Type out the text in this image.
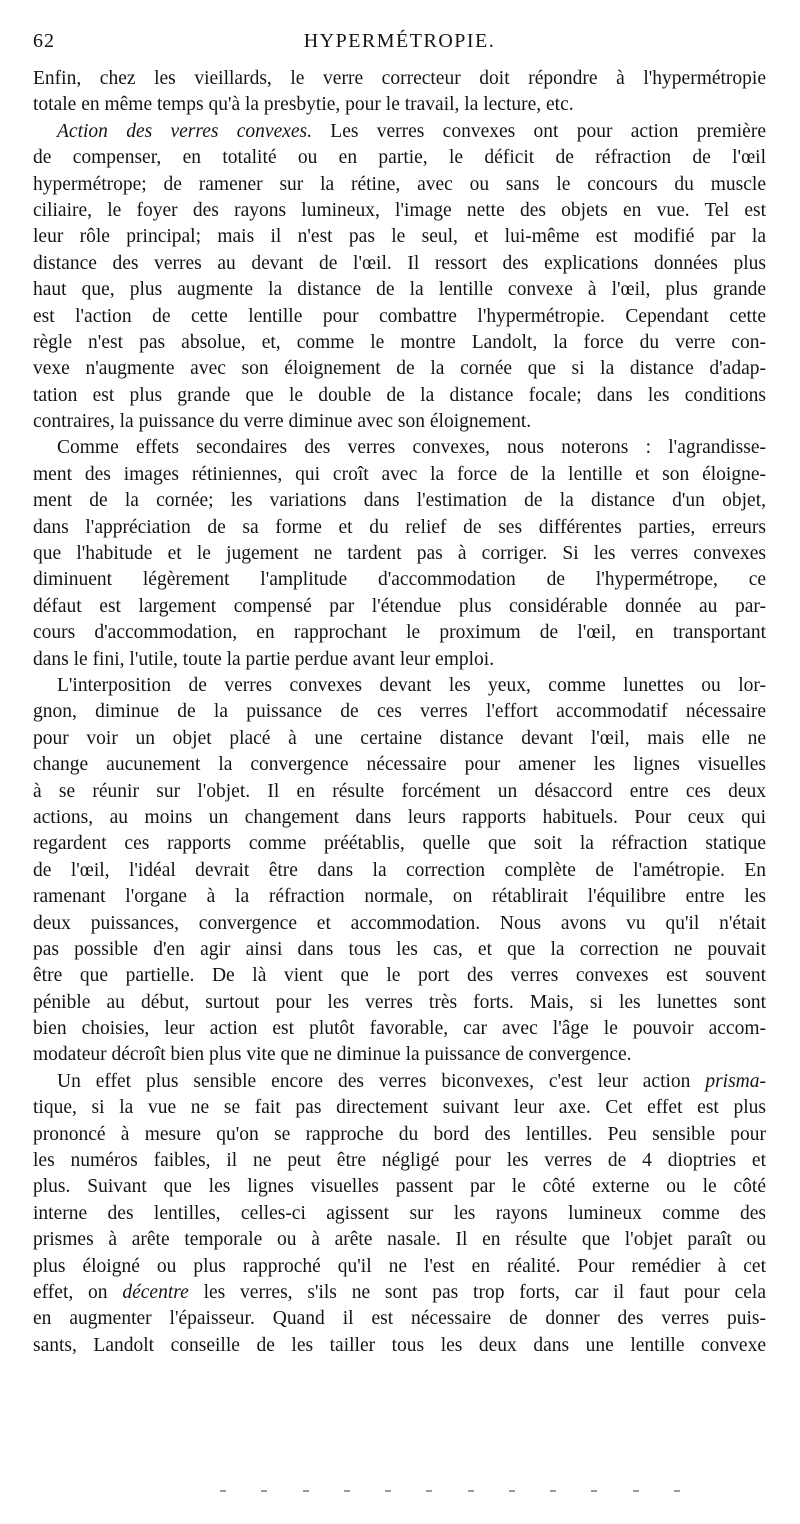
62	HYPERMÉTROPIE.
Enfin, chez les vieillards, le verre correcteur doit répondre à l'hypermétropie
totale en même temps qu'à la presbytie, pour le travail, la lecture, etc.
Action des verres convexes. Les verres convexes ont pour action première
de compenser, en totalité ou en partie, le déficit de réfraction de l'œil
hypermétrope; de ramener sur la rétine, avec ou sans le concours du muscle
ciliaire, le foyer des rayons lumineux, l'image nette des objets en vue. Tel est
leur rôle principal; mais il n'est pas le seul, et lui-même est modifié par la
distance des verres au devant de l'œil. Il ressort des explications données plus
haut que, plus augmente la distance de la lentille convexe à l'œil, plus grande
est l'action de cette lentille pour combattre l'hypermétropie. Cependant cette
règle n'est pas absolue, et, comme le montre Landolt, la force du verre con-
vexe n'augmente avec son éloignement de la cornée que si la distance d'adap-
tation est plus grande que le double de la distance focale; dans les conditions
contraires, la puissance du verre diminue avec son éloignement.
Comme effets secondaires des verres convexes, nous noterons : l'agrandisse-
ment des images rétiniennes, qui croît avec la force de la lentille et son éloigne-
ment de la cornée; les variations dans l'estimation de la distance d'un objet,
dans l'appréciation de sa forme et du relief de ses différentes parties, erreurs
que l'habitude et le jugement ne tardent pas à corriger. Si les verres convexes
diminuent légèrement l'amplitude d'accommodation de l'hypermétrope, ce
défaut est largement compensé par l'étendue plus considérable donnée au par-
cours d'accommodation, en rapprochant le proximum de l'œil, en transportant
dans le fini, l'utile, toute la partie perdue avant leur emploi.
L'interposition de verres convexes devant les yeux, comme lunettes ou lor-
gnon, diminue de la puissance de ces verres l'effort accommodatif nécessaire
pour voir un objet placé à une certaine distance devant l'œil, mais elle ne
change aucunement la convergence nécessaire pour amener les lignes visuelles
à se réunir sur l'objet. Il en résulte forcément un désaccord entre ces deux
actions, au moins un changement dans leurs rapports habituels. Pour ceux qui
regardent ces rapports comme préétablis, quelle que soit la réfraction statique
de l'œil, l'idéal devrait être dans la correction complète de l'amétropie. En
ramenant l'organe à la réfraction normale, on rétablirait l'équilibre entre les
deux puissances, convergence et accommodation. Nous avons vu qu'il n'était
pas possible d'en agir ainsi dans tous les cas, et que la correction ne pouvait
être que partielle. De là vient que le port des verres convexes est souvent
pénible au début, surtout pour les verres très forts. Mais, si les lunettes sont
bien choisies, leur action est plutôt favorable, car avec l'âge le pouvoir accom-
modateur décroît bien plus vite que ne diminue la puissance de convergence.
Un effet plus sensible encore des verres biconvexes, c'est leur action prisma-
tique, si la vue ne se fait pas directement suivant leur axe. Cet effet est plus
prononcé à mesure qu'on se rapproche du bord des lentilles. Peu sensible pour
les numéros faibles, il ne peut être négligé pour les verres de 4 dioptries et
plus. Suivant que les lignes visuelles passent par le côté externe ou le côté
interne des lentilles, celles-ci agissent sur les rayons lumineux comme des
prismes à arête temporale ou à arête nasale. Il en résulte que l'objet paraît ou
plus éloigné ou plus rapproché qu'il ne l'est en réalité. Pour remédier à cet
effet, on décentre les verres, s'ils ne sont pas trop forts, car il faut pour cela
en augmenter l'épaisseur. Quand il est nécessaire de donner des verres puis-
sants, Landolt conseille de les tailler tous les deux dans une lentille convexe
